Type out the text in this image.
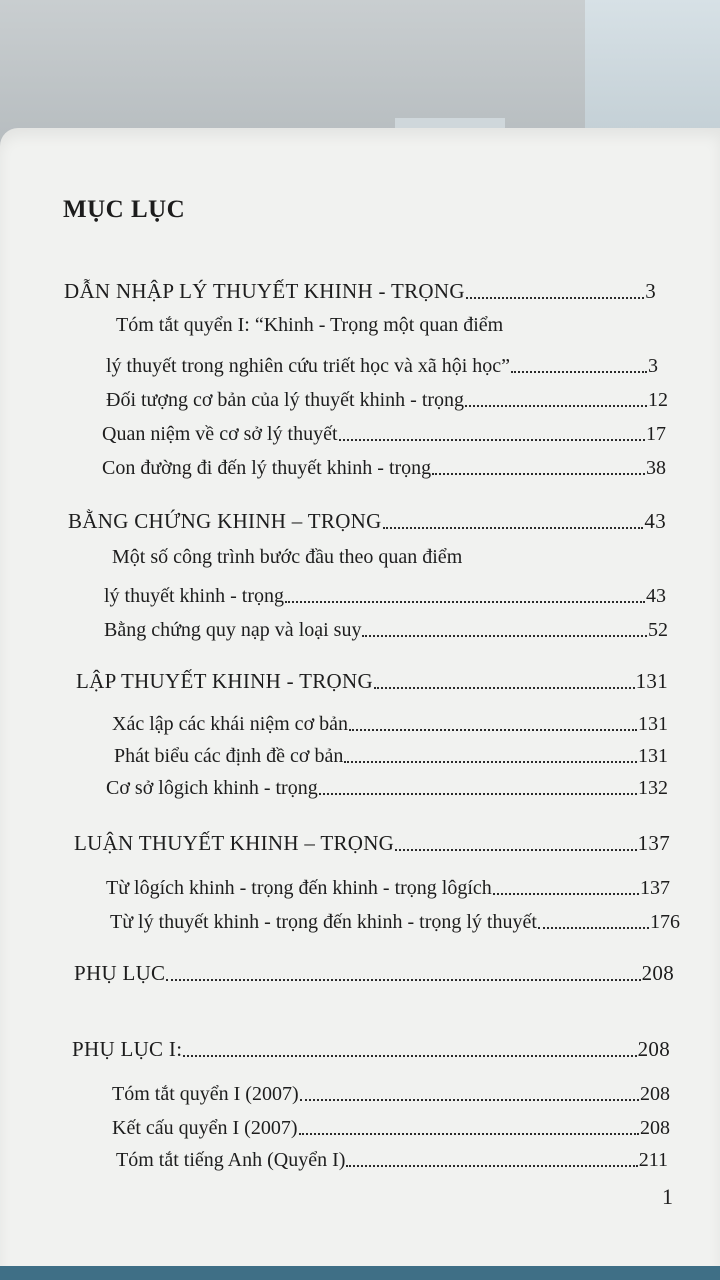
MỤC LỤC
DẪN NHẬP LÝ THUYẾT KHINH - TRỌNG	3
Tóm tắt quyển I: “Khinh - Trọng một quan điểm
lý thuyết trong nghiên cứu triết học và xã hội học”	3
Đối tượng cơ bản của lý thuyết khinh - trọng	12
Quan niệm về cơ sở lý thuyết	17
Con đường đi đến lý thuyết khinh - trọng	38
BẰNG CHỨNG KHINH – TRỌNG	43
Một số công trình bước đầu theo quan điểm
lý thuyết khinh - trọng	43
Bằng chứng quy nạp và loại suy	52
LẬP THUYẾT KHINH - TRỌNG	131
Xác lập các khái niệm cơ bản	131
Phát biểu các định đề cơ bản	131
Cơ sở lôgich khinh - trọng	132
LUẬN THUYẾT KHINH – TRỌNG	137
Từ lôgích khinh - trọng đến khinh - trọng lôgích	137
Từ lý thuyết khinh - trọng đến khinh - trọng lý thuyết	176
PHỤ LỤC	208
PHỤ LỤC I:	208
Tóm tắt quyển I (2007)	208
Kết cấu quyển I (2007)	208
Tóm tắt tiếng Anh (Quyển I)	211
1
